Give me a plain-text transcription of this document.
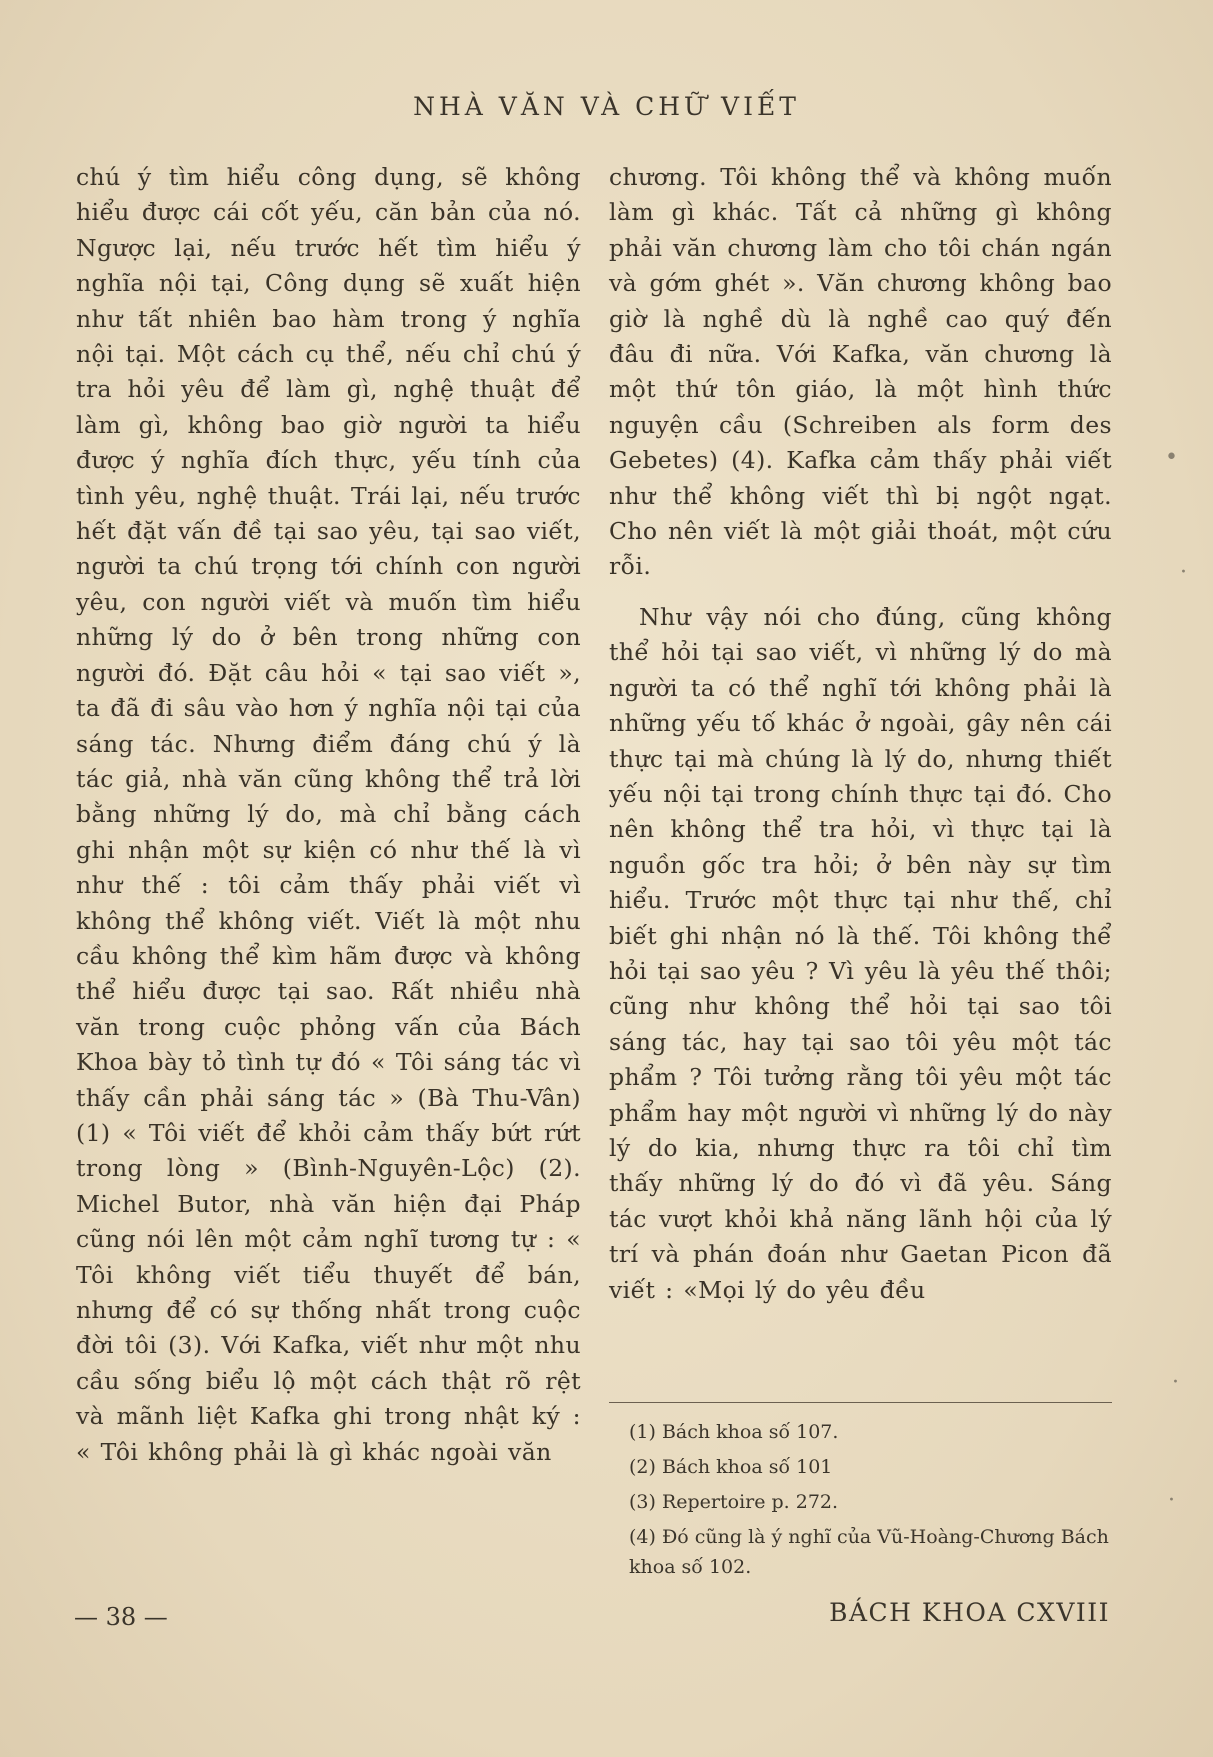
NHÀ VĂN VÀ CHỮ VIẾT

chú ý tìm hiểu công dụng, sẽ không hiểu được cái cốt yếu, căn bản của nó. Ngược lại, nếu trước hết tìm hiểu ý nghĩa nội tại, Công dụng sẽ xuất hiện như tất nhiên bao hàm trong ý nghĩa nội tại. Một cách cụ thể, nếu chỉ chú ý tra hỏi yêu để làm gì, nghệ thuật để làm gì, không bao giờ người ta hiểu được ý nghĩa đích thực, yếu tính của tình yêu, nghệ thuật. Trái lại, nếu trước hết đặt vấn đề tại sao yêu, tại sao viết, người ta chú trọng tới chính con người yêu, con người viết và muốn tìm hiểu những lý do ở bên trong những con người đó. Đặt câu hỏi « tại sao viết », ta đã đi sâu vào hơn ý nghĩa nội tại của sáng tác. Nhưng điểm đáng chú ý là tác giả, nhà văn cũng không thể trả lời bằng những lý do, mà chỉ bằng cách ghi nhận một sự kiện có như thế là vì như thế : tôi cảm thấy phải viết vì không thể không viết. Viết là một nhu cầu không thể kìm hãm được và không thể hiểu được tại sao. Rất nhiều nhà văn trong cuộc phỏng vấn của Bách Khoa bày tỏ tình tự đó « Tôi sáng tác vì thấy cần phải sáng tác » (Bà Thu-Vân) (1) « Tôi viết để khỏi cảm thấy bứt rứt trong lòng » (Bình-Nguyên-Lộc) (2). Michel Butor, nhà văn hiện đại Pháp cũng nói lên một cảm nghĩ tương tự : « Tôi không viết tiểu thuyết để bán, nhưng để có sự thống nhất trong cuộc đời tôi (3). Với Kafka, viết như một nhu cầu sống biểu lộ một cách thật rõ rệt và mãnh liệt Kafka ghi trong nhật ký : « Tôi không phải là gì khác ngoài văn

chương. Tôi không thể và không muốn làm gì khác. Tất cả những gì không phải văn chương làm cho tôi chán ngán và gớm ghét ». Văn chương không bao giờ là nghề dù là nghề cao quý đến đâu đi nữa. Với Kafka, văn chương là một thứ tôn giáo, là một hình thức nguyện cầu (Schreiben als form des Gebetes) (4). Kafka cảm thấy phải viết như thể không viết thì bị ngột ngạt. Cho nên viết là một giải thoát, một cứu rỗi.

Như vậy nói cho đúng, cũng không thể hỏi tại sao viết, vì những lý do mà người ta có thể nghĩ tới không phải là những yếu tố khác ở ngoài, gây nên cái thực tại mà chúng là lý do, nhưng thiết yếu nội tại trong chính thực tại đó. Cho nên không thể tra hỏi, vì thực tại là nguồn gốc tra hỏi; ở bên này sự tìm hiểu. Trước một thực tại như thế, chỉ biết ghi nhận nó là thế. Tôi không thể hỏi tại sao yêu ? Vì yêu là yêu thế thôi; cũng như không thể hỏi tại sao tôi sáng tác, hay tại sao tôi yêu một tác phẩm ? Tôi tưởng rằng tôi yêu một tác phẩm hay một người vì những lý do này lý do kia, nhưng thực ra tôi chỉ tìm thấy những lý do đó vì đã yêu. Sáng tác vượt khỏi khả năng lãnh hội của lý trí và phán đoán như Gaetan Picon đã viết : «Mọi lý do yêu đều

(1) Bách khoa số 107.

(2) Bách khoa số 101

(3) Repertoire p. 272.

(4) Đó cũng là ý nghĩ của Vũ-Hoàng-Chương Bách khoa số 102.

— 38 —	BÁCH KHOA CXVIII
•
·
·
·
